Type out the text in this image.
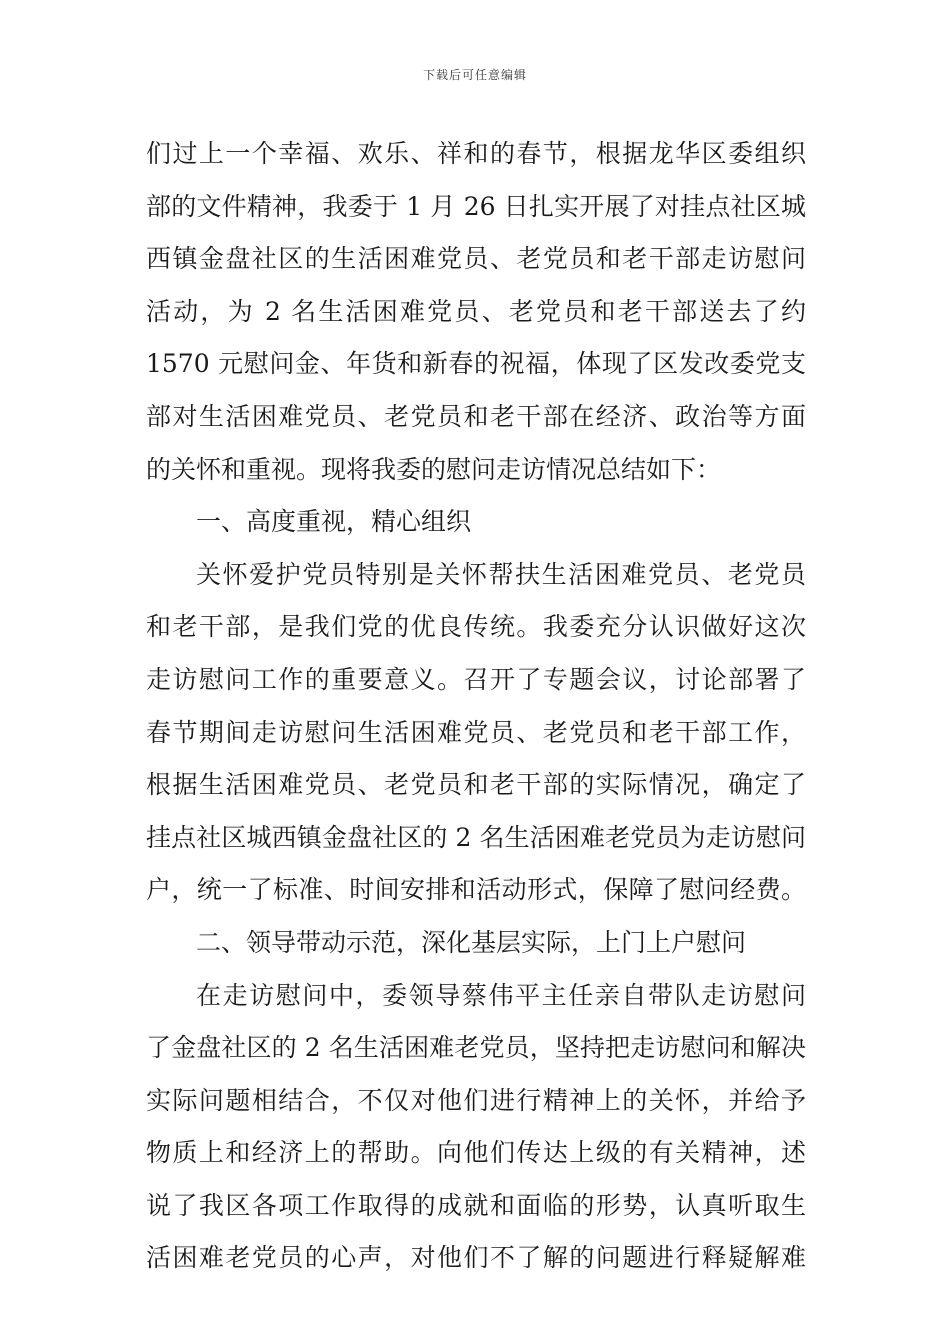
下载后可任意编辑
们过上一个幸福、欢乐、祥和的春节，根据龙华区委组织
部的文件精神，我委于 1 月 26 日扎实开展了对挂点社区城
西镇金盘社区的生活困难党员、老党员和老干部走访慰问
活动，为 2 名生活困难党员、老党员和老干部送去了约
1570 元慰问金、年货和新春的祝福，体现了区发改委党支
部对生活困难党员、老党员和老干部在经济、政治等方面
的关怀和重视。现将我委的慰问走访情况总结如下：
一、高度重视，精心组织
关怀爱护党员特别是关怀帮扶生活困难党员、老党员
和老干部，是我们党的优良传统。我委充分认识做好这次
走访慰问工作的重要意义。召开了专题会议，讨论部署了
春节期间走访慰问生活困难党员、老党员和老干部工作，
根据生活困难党员、老党员和老干部的实际情况，确定了
挂点社区城西镇金盘社区的 2 名生活困难老党员为走访慰问
户，统一了标准、时间安排和活动形式，保障了慰问经费。
二、领导带动示范，深化基层实际，上门上户慰问
在走访慰问中，委领导蔡伟平主任亲自带队走访慰问
了金盘社区的 2 名生活困难老党员，坚持把走访慰问和解决
实际问题相结合，不仅对他们进行精神上的关怀，并给予
物质上和经济上的帮助。向他们传达上级的有关精神，述
说了我区各项工作取得的成就和面临的形势，认真听取生
活困难老党员的心声，对他们不了解的问题进行释疑解难
